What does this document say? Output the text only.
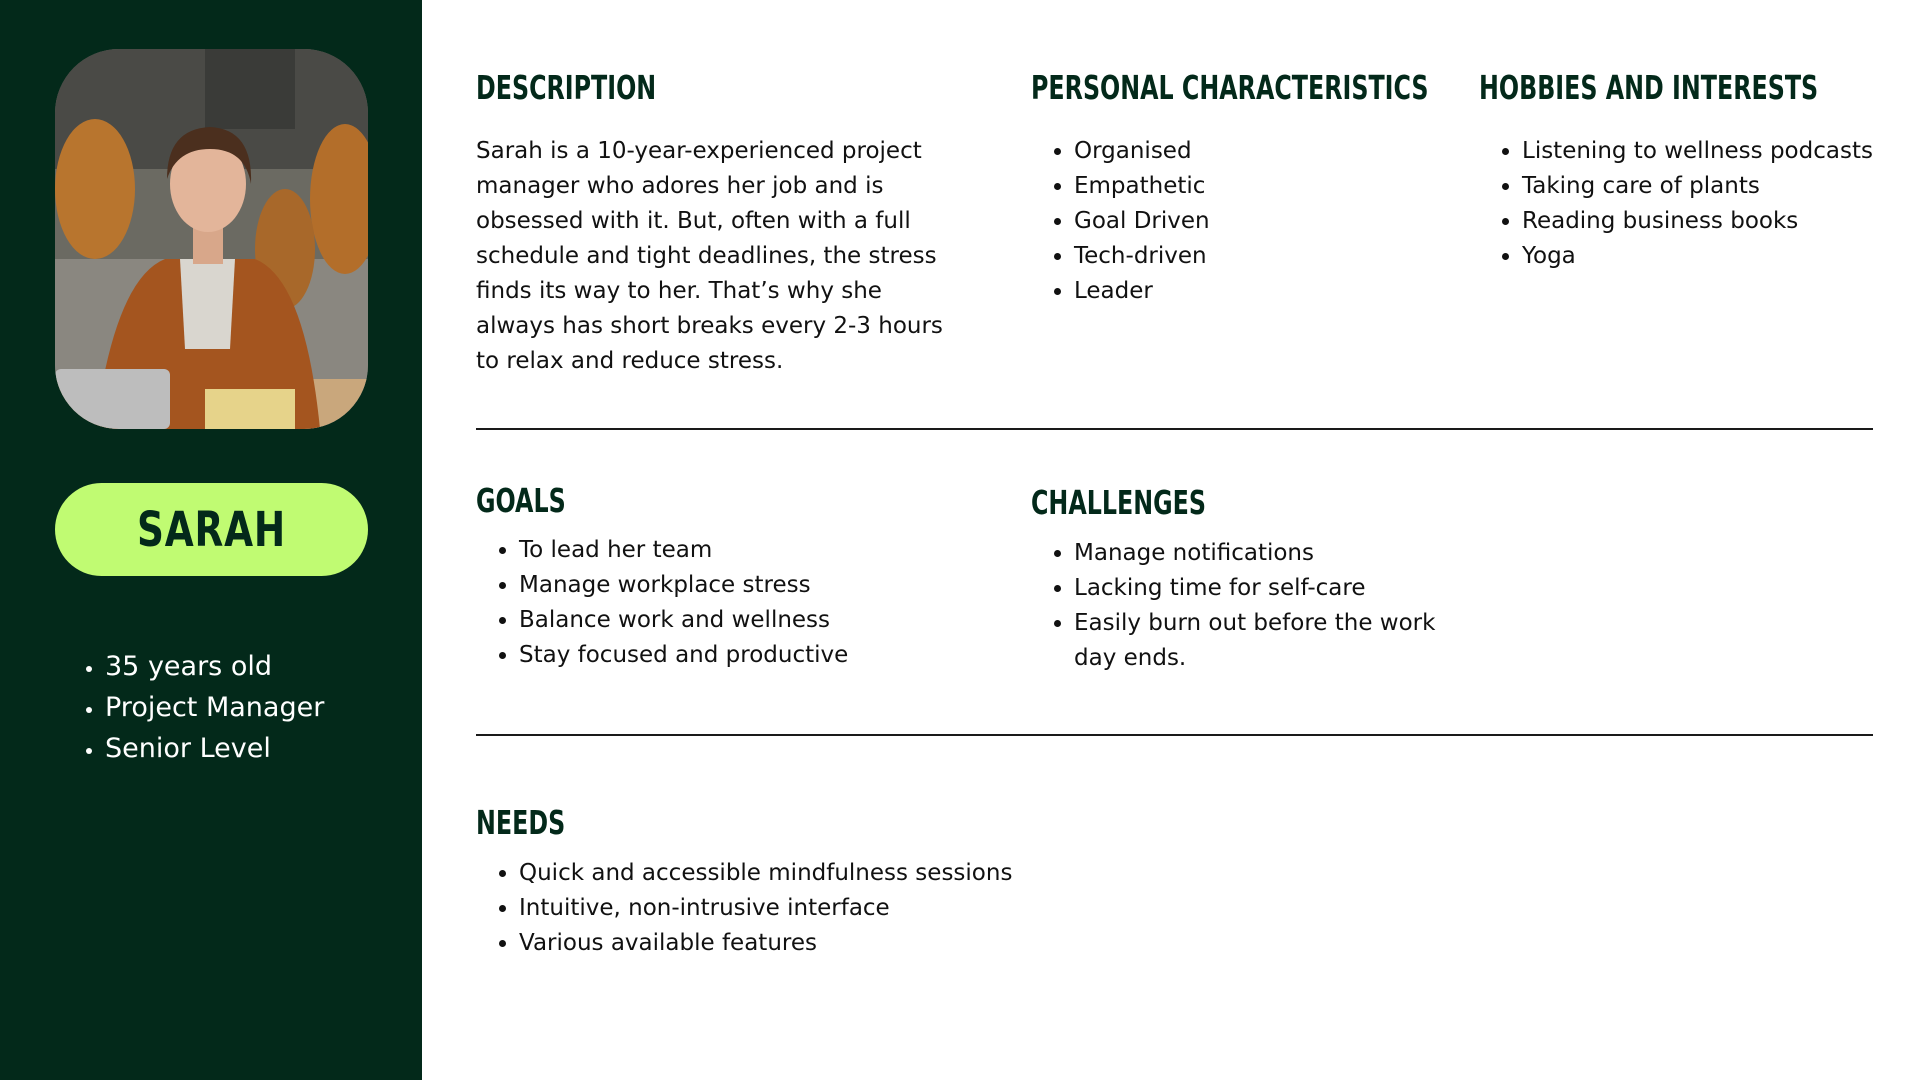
SARAH
• 35 years old
• Project Manager
• Senior Level
DESCRIPTION

Sarah is a 10-year-experienced project manager who adores her job and is obsessed with it. But, often with a full schedule and tight deadlines, the stress finds its way to her. That’s why she always has short breaks every 2-3 hours to relax and reduce stress.

PERSONAL CHARACTERISTICS
• Organised
• Empathetic
• Goal Driven
• Tech-driven
• Leader
HOBBIES AND INTERESTS
• Listening to wellness podcasts
• Taking care of plants
• Reading business books
• Yoga
GOALS
• To lead her team
• Manage workplace stress
• Balance work and wellness
• Stay focused and productive
CHALLENGES
• Manage notifications
• Lacking time for self-care
• Easily burn out before the work day ends.
NEEDS
• Quick and accessible mindfulness sessions
• Intuitive, non-intrusive interface
• Various available features
